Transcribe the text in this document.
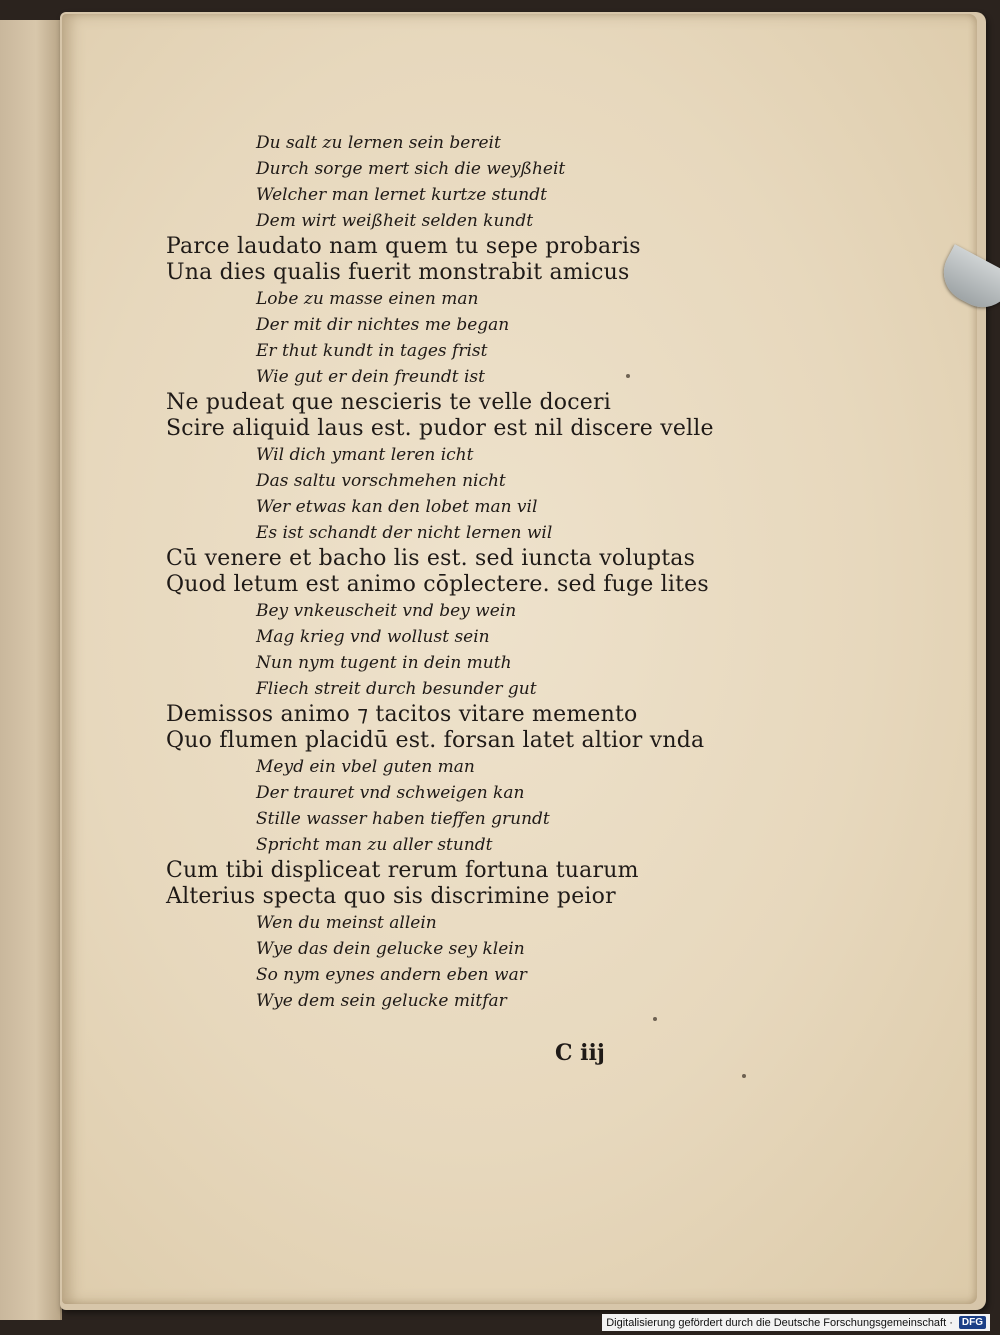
Du salt zu lernen sein bereit
Durch sorge mert sich die weyßheit
Welcher man lernet kurtze stundt
Dem wirt weißheit selden kundt
Parce laudato nam quem tu sepe probaris
Una dies qualis fuerit monstrabit amicus
Lobe zu masse einen man
Der mit dir nichtes me began
Er thut kundt in tages frist
Wie gut er dein freundt ist
Ne pudeat que nescieris te velle doceri
Scire aliquid laus est. pudor est nil discere velle
Wil dich ymant leren icht
Das saltu vorschmehen nicht
Wer etwas kan den lobet man vil
Es ist schandt der nicht lernen wil
Cū venere et bacho lis est. sed iuncta voluptas
Quod letum est animo cōplectere. sed fuge lites
Bey vnkeuscheit vnd bey wein
Mag krieg vnd wollust sein
Nun nym tugent in dein muth
Fliech streit durch besunder gut
Demissos animo ⁊ tacitos vitare memento
Quo flumen placidū est. forsan latet altior vnda
Meyd ein vbel guten man
Der trauret vnd schweigen kan
Stille wasser haben tieffen grundt
Spricht man zu aller stundt
Cum tibi displiceat rerum fortuna tuarum
Alterius specta quo sis discrimine peior
Wen du meinst allein
Wye das dein gelucke sey klein
So nym eynes andern eben war
Wye dem sein gelucke mitfar
C iij
Digitalisierung gefördert durch die Deutsche Forschungsgemeinschaft · DFG
